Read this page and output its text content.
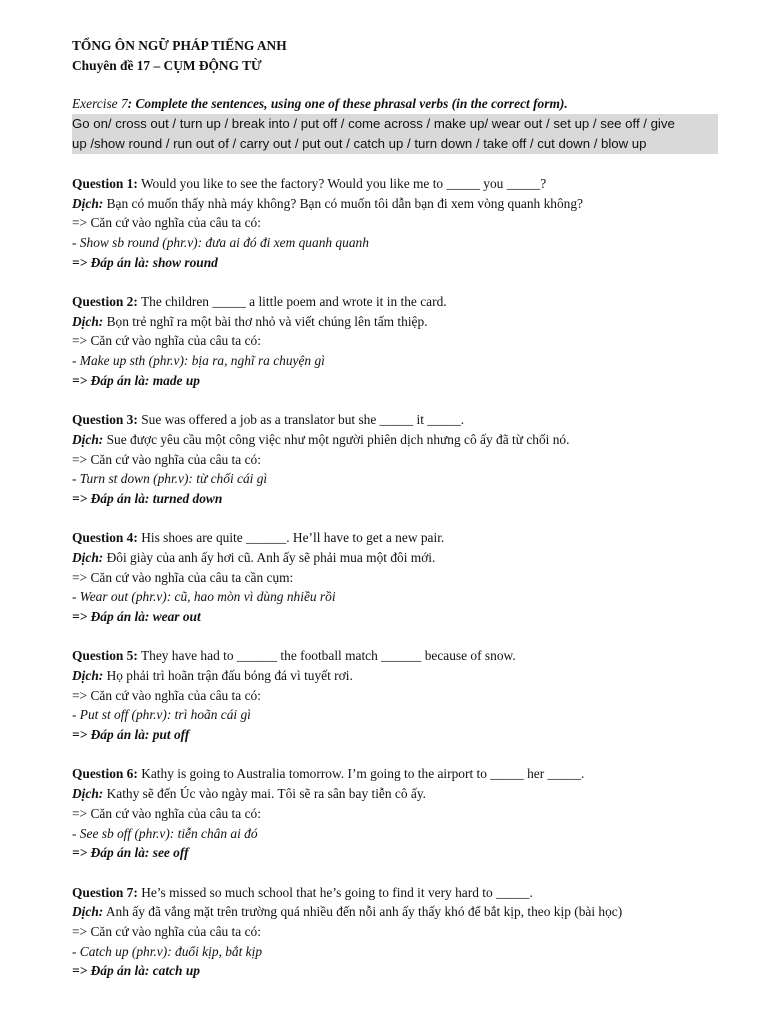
TỔNG ÔN NGỮ PHÁP TIẾNG ANH
Chuyên đề 17 – CỤM ĐỘNG TỪ
Exercise 7: Complete the sentences, using one of these phrasal verbs (in the correct form).
Go on/ cross out / turn up / break into / put off / come across / make up/ wear out / set up / see off / give
up /show round / run out of / carry out / put out / catch up / turn down / take off / cut down / blow up
Question 1: Would you like to see the factory? Would you like me to _____ you _____?
Dịch: Bạn có muốn thấy nhà máy không? Bạn có muốn tôi dẫn bạn đi xem vòng quanh không?
=> Căn cứ vào nghĩa của câu ta có:
- Show sb round (phr.v): đưa ai đó đi xem quanh quanh
=> Đáp án là: show round
Question 2: The children _____ a little poem and wrote it in the card.
Dịch: Bọn trẻ nghĩ ra một bài thơ nhỏ và viết chúng lên tấm thiệp.
=> Căn cứ vào nghĩa của câu ta có:
- Make up sth (phr.v): bịa ra, nghĩ ra chuyện gì
=> Đáp án là: made up
Question 3: Sue was offered a job as a translator but she _____ it _____.
Dịch: Sue được yêu cầu một công việc như một người phiên dịch nhưng cô ấy đã từ chối nó.
=> Căn cứ vào nghĩa của câu ta có:
- Turn st down (phr.v): từ chối cái gì
=> Đáp án là: turned down
Question 4: His shoes are quite ______. He’ll have to get a new pair.
Dịch: Đôi giày của anh ấy hơi cũ. Anh ấy sẽ phải mua một đôi mới.
=> Căn cứ vào nghĩa của câu ta cần cụm:
- Wear out (phr.v): cũ, hao mòn vì dùng nhiều rồi
=> Đáp án là: wear out
Question 5: They have had to ______ the football match ______ because of snow.
Dịch: Họ phải trì hoãn trận đấu bóng đá vì tuyết rơi.
=> Căn cứ vào nghĩa của câu ta có:
- Put st off (phr.v): trì hoãn cái gì
=> Đáp án là: put off
Question 6: Kathy is going to Australia tomorrow. I’m going to the airport to _____ her _____.
Dịch: Kathy sẽ đến Úc vào ngày mai. Tôi sẽ ra sân bay tiễn cô ấy.
=> Căn cứ vào nghĩa của câu ta có:
- See sb off (phr.v): tiễn chân ai đó
=> Đáp án là: see off
Question 7: He’s missed so much school that he’s going to find it very hard to _____.
Dịch: Anh ấy đã vắng mặt trên trường quá nhiều đến nỗi anh ấy thấy khó để bắt kịp, theo kịp (bài học)
=> Căn cứ vào nghĩa của câu ta có:
- Catch up (phr.v): đuổi kịp, bắt kịp
=> Đáp án là: catch up
